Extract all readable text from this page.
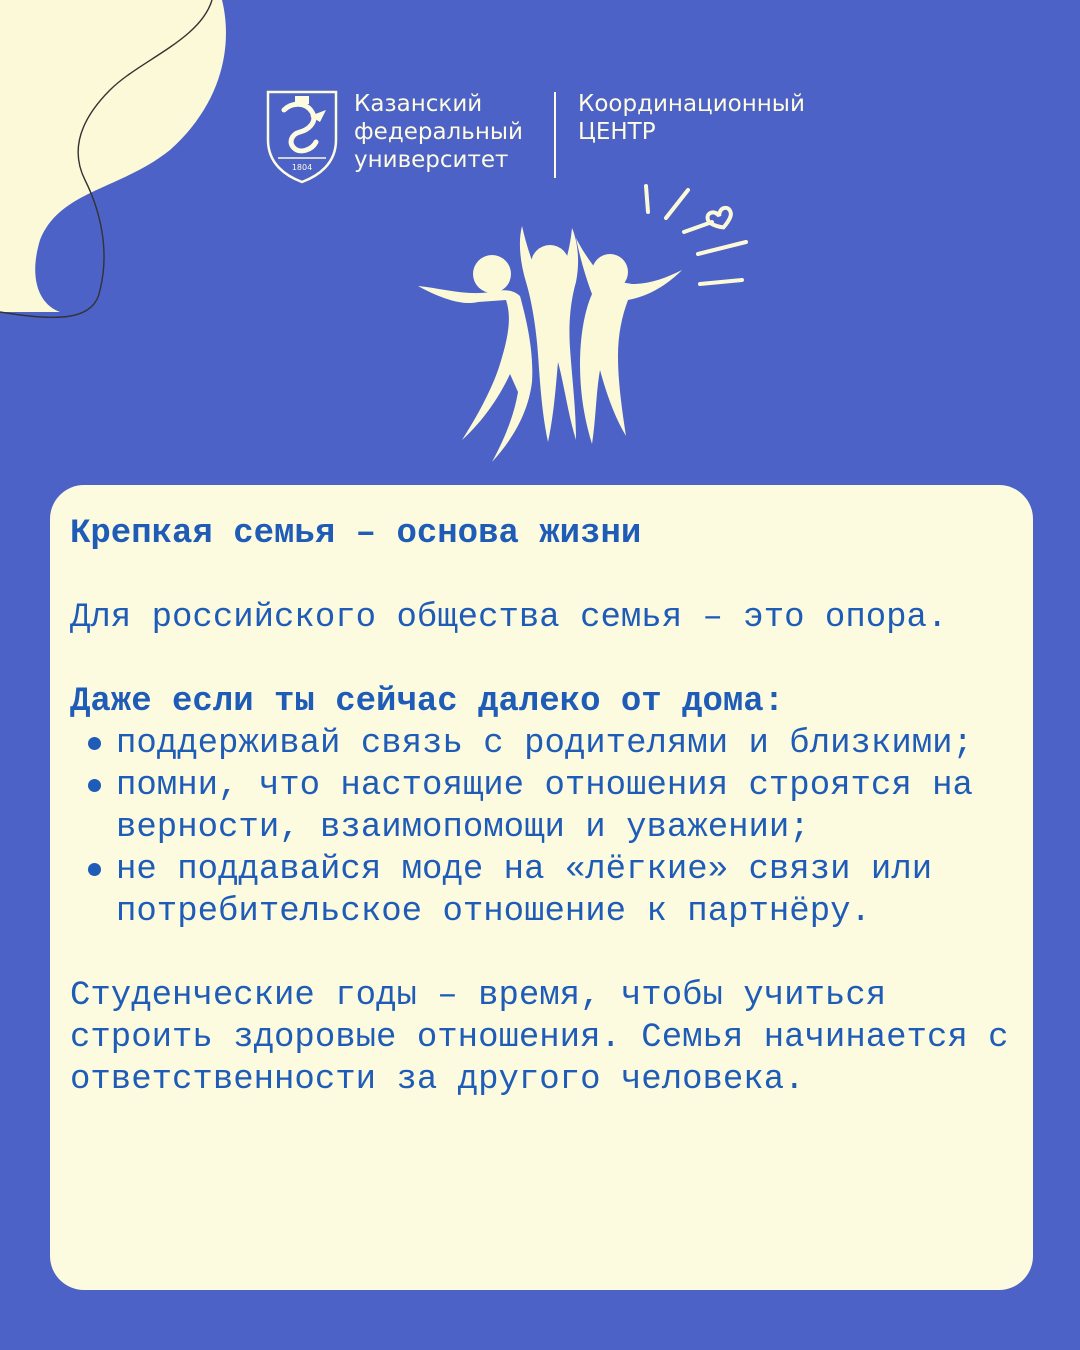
1804
Казанский
федеральный
университет
Координационный
ЦЕНТР
Крепкая семья – основа жизни
Для российского общества семья – это опора.
Даже если ты сейчас далеко от дома:
поддерживай связь с родителями и близкими;
помни, что настоящие отношения строятся на верности, взаимопомощи и уважении;
не поддавайся моде на «лёгкие» связи или потребительское отношение к партнёру.
Студенческие годы – время, чтобы учиться строить здоровые отношения. Семья начинается с ответственности за другого человека.
